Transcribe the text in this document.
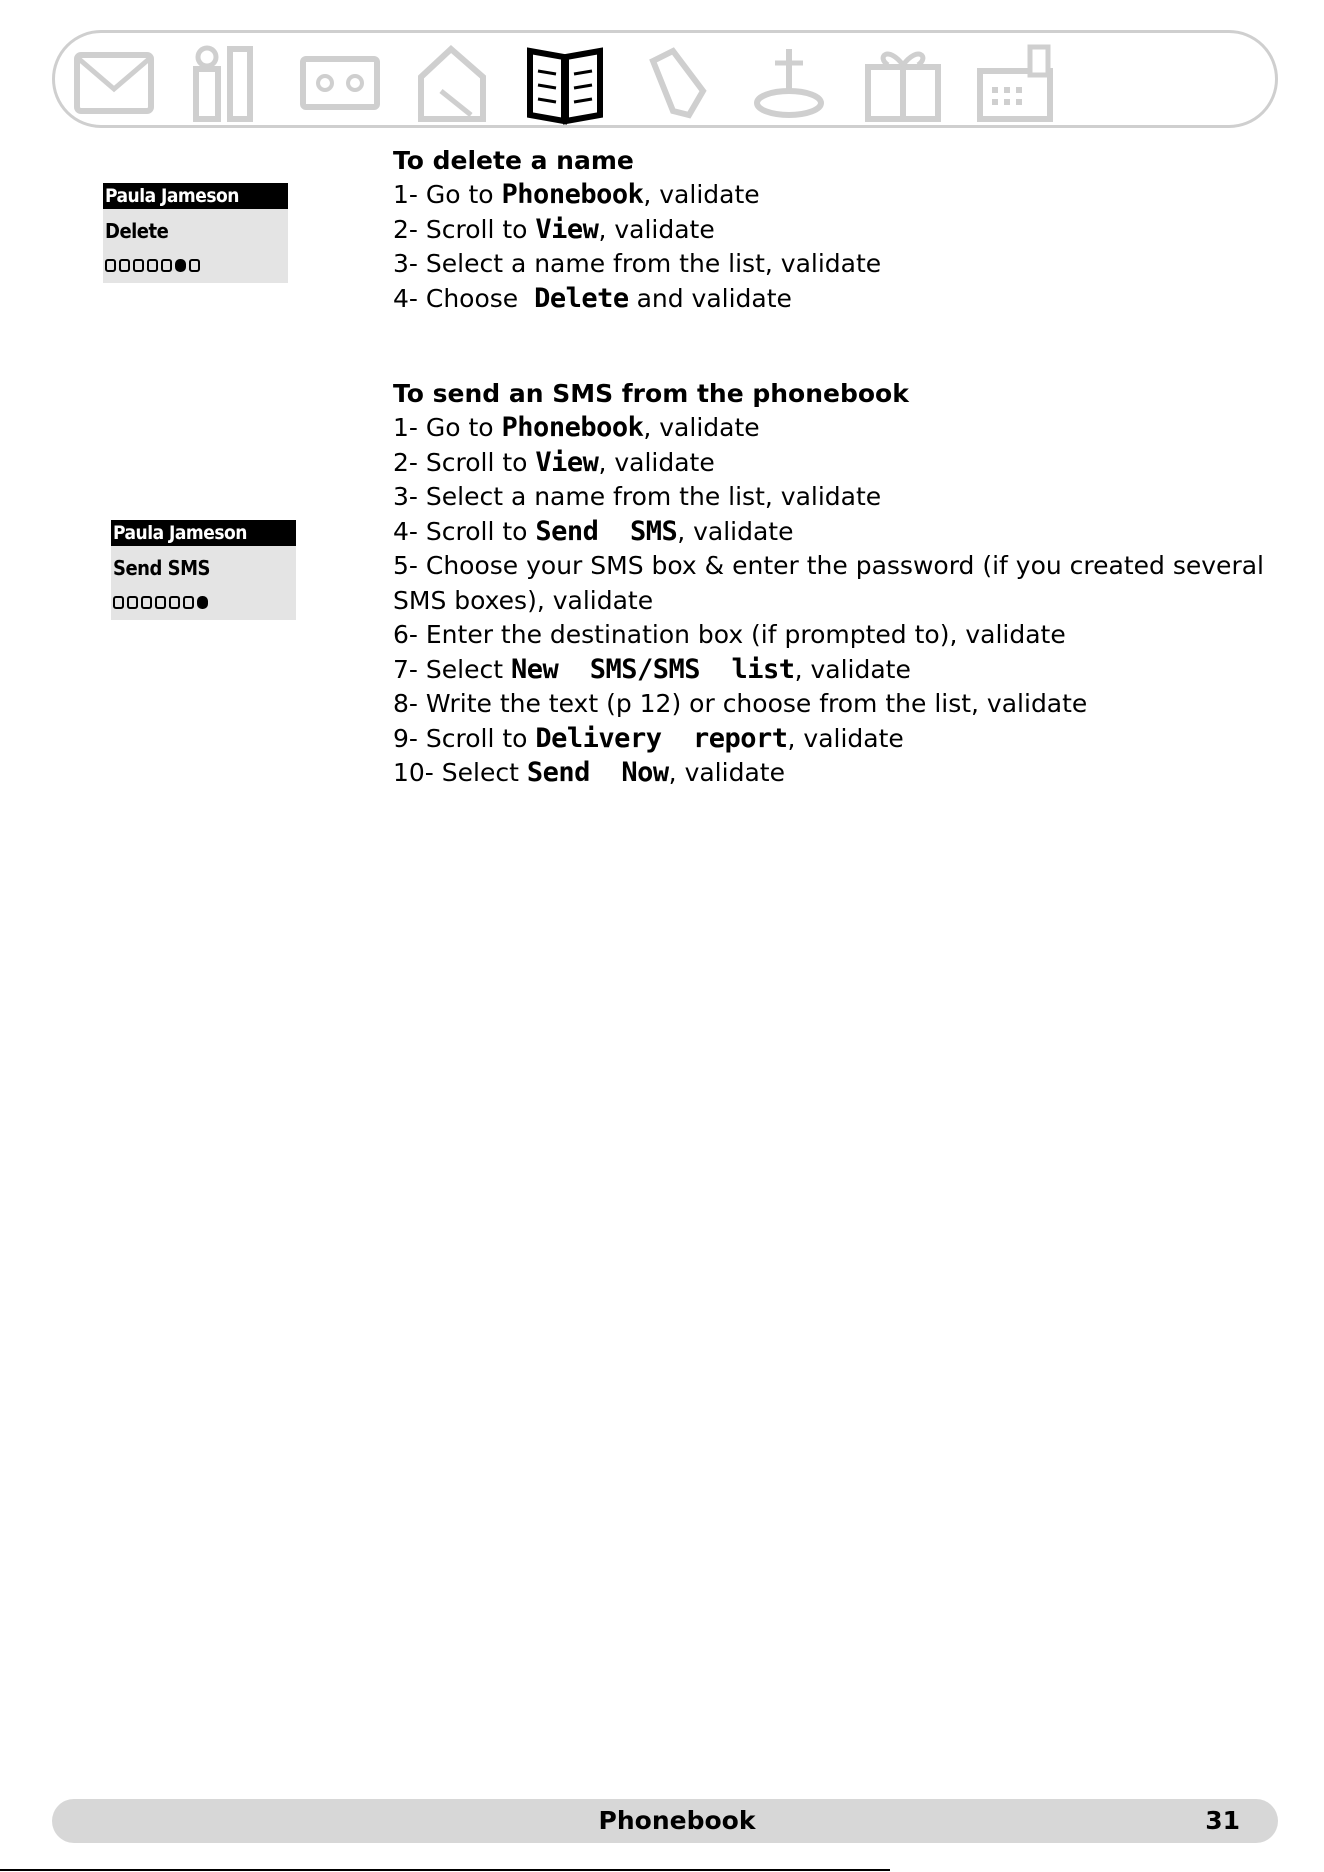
Paula Jameson
Delete
Paula Jameson
Send SMS
To delete a name
1- Go to Phonebook, validate
2- Scroll to View, validate
3- Select a name from the list, validate
4- Choose  Delete and validate
To send an SMS from the phonebook
1- Go to Phonebook, validate
2- Scroll to View, validate
3- Select a name from the list, validate
4- Scroll to Send  SMS, validate
5- Choose your SMS box & enter the password (if you created several SMS boxes), validate
6- Enter the destination box (if prompted to), validate
7- Select New  SMS/SMS  list, validate
8- Write the text (p 12) or choose from the list, validate
9- Scroll to Delivery  report, validate
10- Select Send  Now, validate
Phonebook	31
